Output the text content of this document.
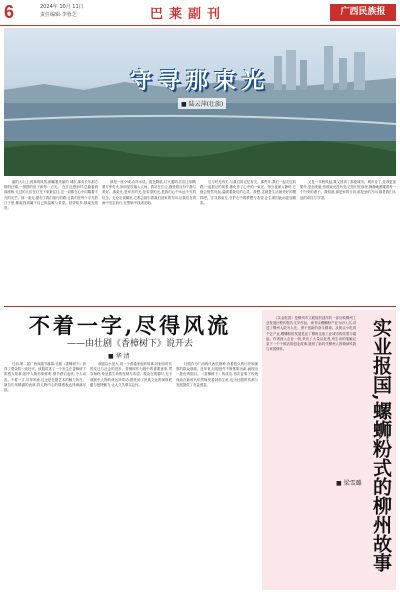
6	2024年 10月 11日
责任编辑·李蓉芝	巴莱副刊	广西民族报
守寻那束光
■ 陆云萍(壮族)

丽的大山上,树林的风景,俯瞰着美丽的 城市,那有长年那方格的壮锦,一排排的房子和每一点光。 在江边漫步时,总能看到那座桥,走过的人们在灯光下来来往往,这一切都在心中闪耀着不灭的光芒。那一束光,照亮了我们前行的路,让我们在每个平凡的日子里,都能找到属于自己的温暖与希望。回望故乡,那束光依旧。

那是一座小城,山环水绕。夜色降临,灯火通明,江面上倒映着万家灯火,如同星辰落入人间。我站在江边,感受着这份宁静与美好。那束光,是家乡的光,是希望的光,是我们心中永远不灭的信念。无论走到哪里,它都会指引着我们回家的方向,让我们在风雨中坚定前行,在黑暗中找到光明。

它与时光有关,与我们的记忆有关。那些年,我们一起走过的路,一起看过的风景,都化作了心中的一束光。每当夜深人静时,它便会悄然亮起,温暖着我们的心灵。我想,这就是生活最美好的模样吧。守寻那束光,守护心中的梦想与希望,让生命因此而更加精彩。

又是一年秋风起,我又回到了那座城市。城市变了,变得更加繁华,更加美丽;但那束光没有变,它依旧在那里,静静地照耀着每一个归来的游子。我知道,那是家的方向,那是爱的方向,那是我们永远的牵挂与守望。

不着一字,尽得风流
——由壮剧《香樟树下》说开去
■ 华 清

日前,第二届广西戏剧节落幕,壮剧《香樟树下》获得了观众的一致好评。该剧讲述了一个发生在香樟树下的感人故事,剧中人物形象鲜明,情节跌宕起伏,令人动容。不着一字,尽得风流,这正是壮剧艺术的魅力所在。演员们用精湛的表演,将人物内心的情感表达得淋漓尽致。

该剧以小见大,用一个普通家庭的故事,折射出时代的变迁与社会的进步。香樟树作为剧中的重要意象,贯穿始终,象征着生命的坚韧与希望。观众在观看时,无不被剧中人物的命运所牵动,感受到了民族文化的深厚底蕴与独特魅力,让人久久难以忘怀。

壮剧作为广西的代表性剧种,有着悠久的历史和深厚的群众基础。近年来,壮剧创作不断推陈出新,涌现出一批优秀剧目。《香樟树下》的成功,再次证明了传统戏曲在新时代依然焕发着勃勃生机,也为壮剧的传承与发展提供了有益借鉴。

《实业报国》是柳州市文联组织创作的一部反映柳州工业发展历程的报告文学作品。该书以螺蛳粉产业为切入点,讲述了柳州人敢为人先、勇于创新的奋斗精神。从街头小吃到千亿产业,螺蛳粉的发展见证了柳州这座工业城市的转型与崛起。作者深入企业一线,采访了大量从业者,用生动的笔触记录下一个个鲜活的创业故事,展现了新时代柳州人的精神风貌与家国情怀。	实业报国,螺蛳粉式的柳州故事
■ 梁雪璐
